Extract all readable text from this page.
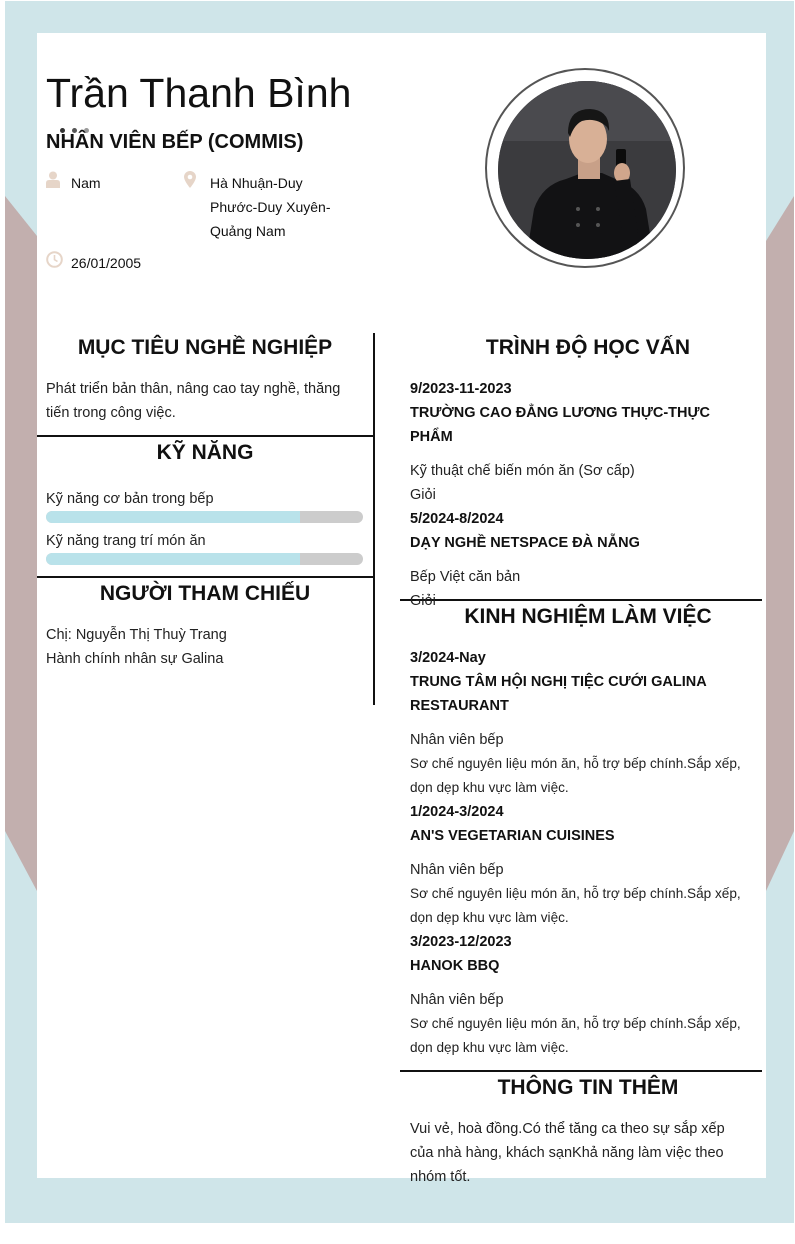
Trần Thanh Bình
NHÂN VIÊN BẾP (COMMIS)
Nam	Hà Nhuận-Duy
Phước-Duy Xuyên-
Quảng Nam
26/01/2005
MỤC TIÊU NGHỀ NGHIỆP
Phát triển bản thân, nâng cao tay nghề, thăng
tiến trong công việc.
KỸ NĂNG
Kỹ năng cơ bản trong bếp
Kỹ năng trang trí món ăn
NGƯỜI THAM CHIẾU
Chị: Nguyễn Thị Thuỳ Trang
Hành chính nhân sự Galina
TRÌNH ĐỘ HỌC VẤN
9/2023-11-2023
TRƯỜNG CAO ĐẲNG LƯƠNG THỰC-THỰC PHẨM
Kỹ thuật chế biến món ăn (Sơ cấp)
Giỏi
5/2024-8/2024
DẠY NGHỀ NETSPACE ĐÀ NẴNG
Bếp Việt căn bản
Giỏi
KINH NGHIỆM LÀM VIỆC
3/2024-Nay
TRUNG TÂM HỘI NGHỊ TIỆC CƯỚI GALINA
RESTAURANT
Nhân viên bếp
Sơ chế nguyên liệu món ăn, hỗ trợ bếp chính.Sắp xếp,
dọn dẹp khu vực làm việc.
1/2024-3/2024
AN'S VEGETARIAN CUISINES
Nhân viên bếp
Sơ chế nguyên liệu món ăn, hỗ trợ bếp chính.Sắp xếp,
dọn dẹp khu vực làm việc.
3/2023-12/2023
HANOK BBQ
Nhân viên bếp
Sơ chế nguyên liệu món ăn, hỗ trợ bếp chính.Sắp xếp,
dọn dẹp khu vực làm việc.
THÔNG TIN THÊM
Vui vẻ, hoà đồng.Có thể tăng ca theo sự sắp xếp
của nhà hàng, khách sạnKhả năng làm việc theo
nhóm tốt.
